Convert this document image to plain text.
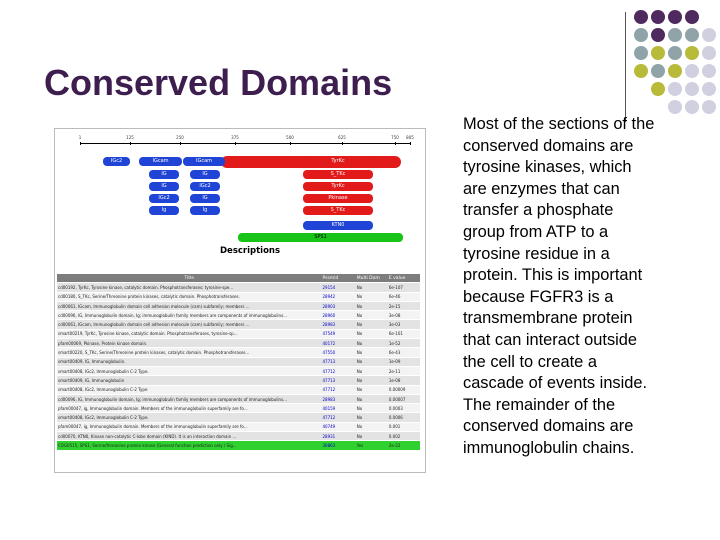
Conserved Domains
Most of the sections of the
conserved domains are
tyrosine kinases, which
are enzymes that can
transfer a phosphate
group from ATP to a
tyrosine residue in a
protein. This is important
because FGFR3 is a
transmembrane protein
that can interact outside
the cell to create a
cascade of events inside.
The remainder of the
conserved domains are
immunoglobulin chains.
1	125	250	375	500	625	750 805
IGc2	IGcam	IGcam
IG	IG
IG	IGc2
IGc2	IG
Ig	Ig
TyrKc
S_TKc
TyrKc
Pkinase
S_TKc
KTN0
SPS1
Descriptions
Title	Pssmld	Multi Dom	E value
cd00192, TyrKc, Tyrosine kinase, catalytic domain. Phosphotransferases; tyrosine-spe...	29154	No	6e-107
cd00180, S_TKc, Serine/Threonine protein kinases, catalytic domain. Phosphotransferases.	28942	No	6e-46
cd00061, IGcam, Immunoglobulin domain cell adhesion molecule (cam) subfamily; members ...	28903	No	2e-15
cd00096, IG, Immunoglobulin domain, Ig; immunoglobulin family members are components of immunoglobulins...	28960	No	3e-08
cd00061, IGcam, Immunoglobulin domain cell adhesion molecule (cam) subfamily; members ...	28983	No	3e-03
smart00219, TyrKc, Tyrosine kinase, catalytic domain. Phosphotransferases, tyrosine-sp...	47549	No	6e-101
pfam00069, Pkinase, Protein kinase domain.	40172	No	1e-52
smart00220, S_TKc, Serine/Threonine protein kinases, catalytic domain. Phosphotransferases...	47550	No	6e-43
smart00409, IG, Immunoglobulin.	47713	No	1e-09
smart00408, IGc2, Immunoglobulin C-2 Type.	47712	No	2e-11
smart00409, IG, Immunoglobulin	47713	No	1e-08
smart00408, IGc2, Immunoglobulin C-2 Type	47712	No	0.00009
cd00096, IG, Immunoglobulin domain, Ig; immunoglobulin family members are components of immunoglobulins...	28983	No	0.00007
pfam00047, ig, Immunoglobulin domain. Members of the immunoglobulin superfamily are fo...	40159	No	0.0003
smart00408, IGc2, Immunoglobulin C-2 Type.	47712	No	0.0006
pfam00047, ig, Immunoglobulin domain. Members of the immunoglobulin superfamily are fo...	40749	No	0.001
cd00070, KTN0, Kinase non-catalytic C-lobe domain (KIND). It is an interaction domain ...	28931	No	0.002
COG0515, SPS1, Serine/threonine protein kinase [General function prediction only / Sig...	30863	Yes	2e-22
